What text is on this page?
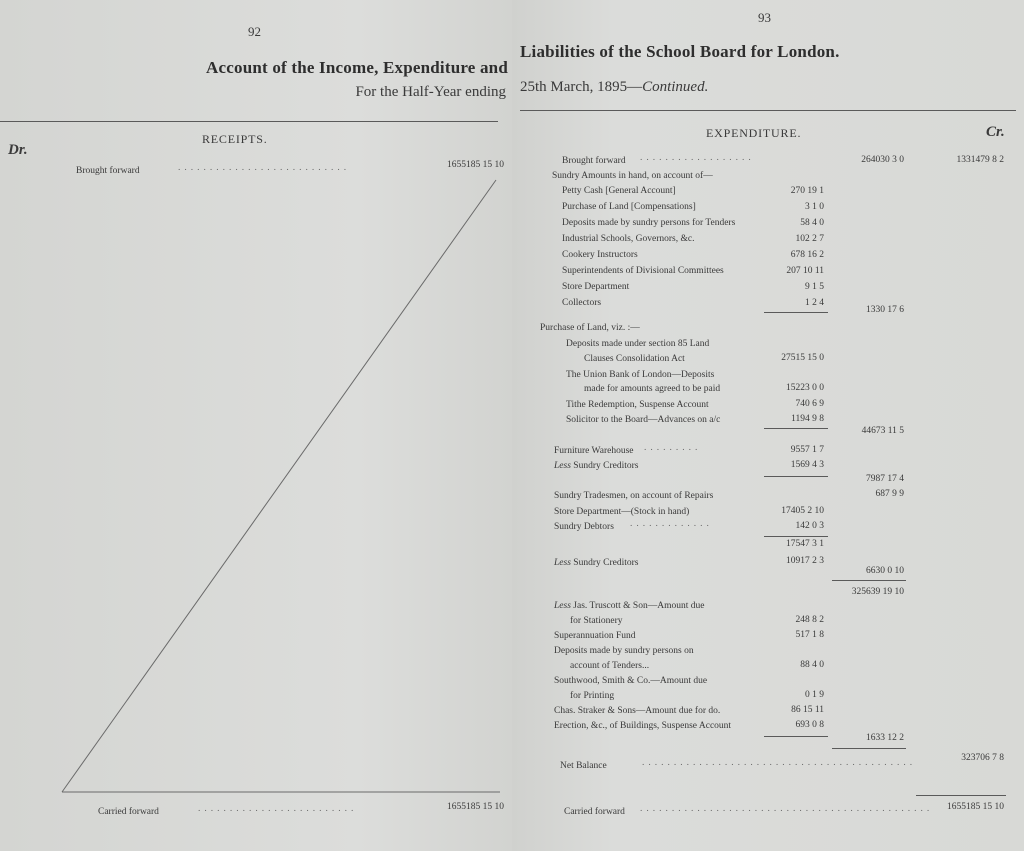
92
Account of the Income, Expenditure and
For the Half-Year ending
Dr.
RECEIPTS.
Brought forward	...........................	1655185 15 10
Carried forward	.........................	1655185 15 10
93
Liabilities of the School Board for London.
25th March, 1895—Continued.
EXPENDITURE.	Cr.
Brought forward ..................	264030 3 0	1331479 8 2
Sundry Amounts in hand, on account of—
Petty Cash [General Account]	270 19 1
Purchase of Land [Compensations]	3 1 0
Deposits made by sundry persons for Tenders	58 4 0
Industrial Schools, Governors, &c.	102 2 7
Cookery Instructors	678 16 2
Superintendents of Divisional Committees	207 10 11
Store Department	9 1 5
Collectors	1 2 4
1330 17 6
Purchase of Land, viz. :—
Deposits made under section 85 Land
Clauses Consolidation Act	27515 15 0
The Union Bank of London—Deposits
made for amounts agreed to be paid	15223 0 0
Tithe Redemption, Suspense Account	740 6 9
Solicitor to the Board—Advances on a/c	1194 9 8
44673 11 5
Furniture Warehouse .........	9557 1 7
Less Sundry Creditors	1569 4 3
7987 17 4
Sundry Tradesmen, on account of Repairs	687 9 9
Store Department—(Stock in hand)	17405 2 10
Sundry Debtors .............	142 0 3
17547 3 1
Less Sundry Creditors	10917 2 3
6630 0 10
325639 19 10
Less Jas. Truscott & Son—Amount due
for Stationery	248 8 2
Superannuation Fund	517 1 8
Deposits made by sundry persons on
account of Tenders...	88 4 0
Southwood, Smith & Co.—Amount due
for Printing	0 1 9
Chas. Straker & Sons—Amount due for do.	86 15 11
Erection, &c., of Buildings, Suspense Account	693 0 8
1633 12 2
Net Balance	...........................................	323706 7 8
Carried forward ..............................................	1655185 15 10
